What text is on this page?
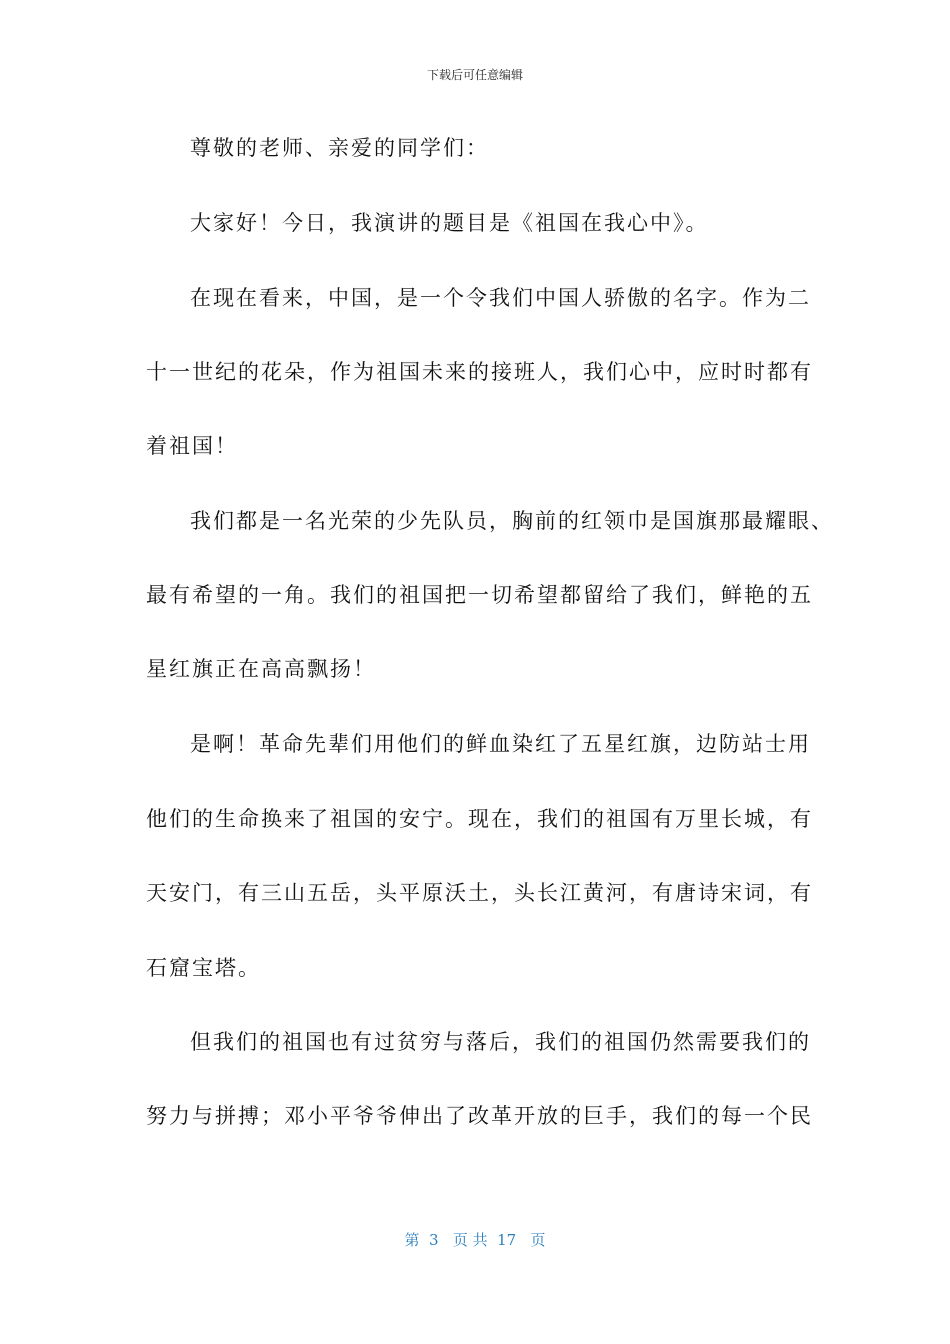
下载后可任意编辑
尊敬的老师、亲爱的同学们：
大家好！今日，我演讲的题目是《祖国在我心中》。
在现在看来，中国，是一个令我们中国人骄傲的名字。作为二
十一世纪的花朵，作为祖国未来的接班人，我们心中，应时时都有
着祖国！
我们都是一名光荣的少先队员，胸前的红领巾是国旗那最耀眼、
最有希望的一角。我们的祖国把一切希望都留给了我们，鲜艳的五
星红旗正在高高飘扬！
是啊！革命先辈们用他们的鲜血染红了五星红旗，边防站士用
他们的生命换来了祖国的安宁。现在，我们的祖国有万里长城，有
天安门，有三山五岳，头平原沃土，头长江黄河，有唐诗宋词，有
石窟宝塔。
但我们的祖国也有过贫穷与落后，我们的祖国仍然需要我们的
努力与拼搏；邓小平爷爷伸出了改革开放的巨手，我们的每一个民
第  3   页 共  17   页
